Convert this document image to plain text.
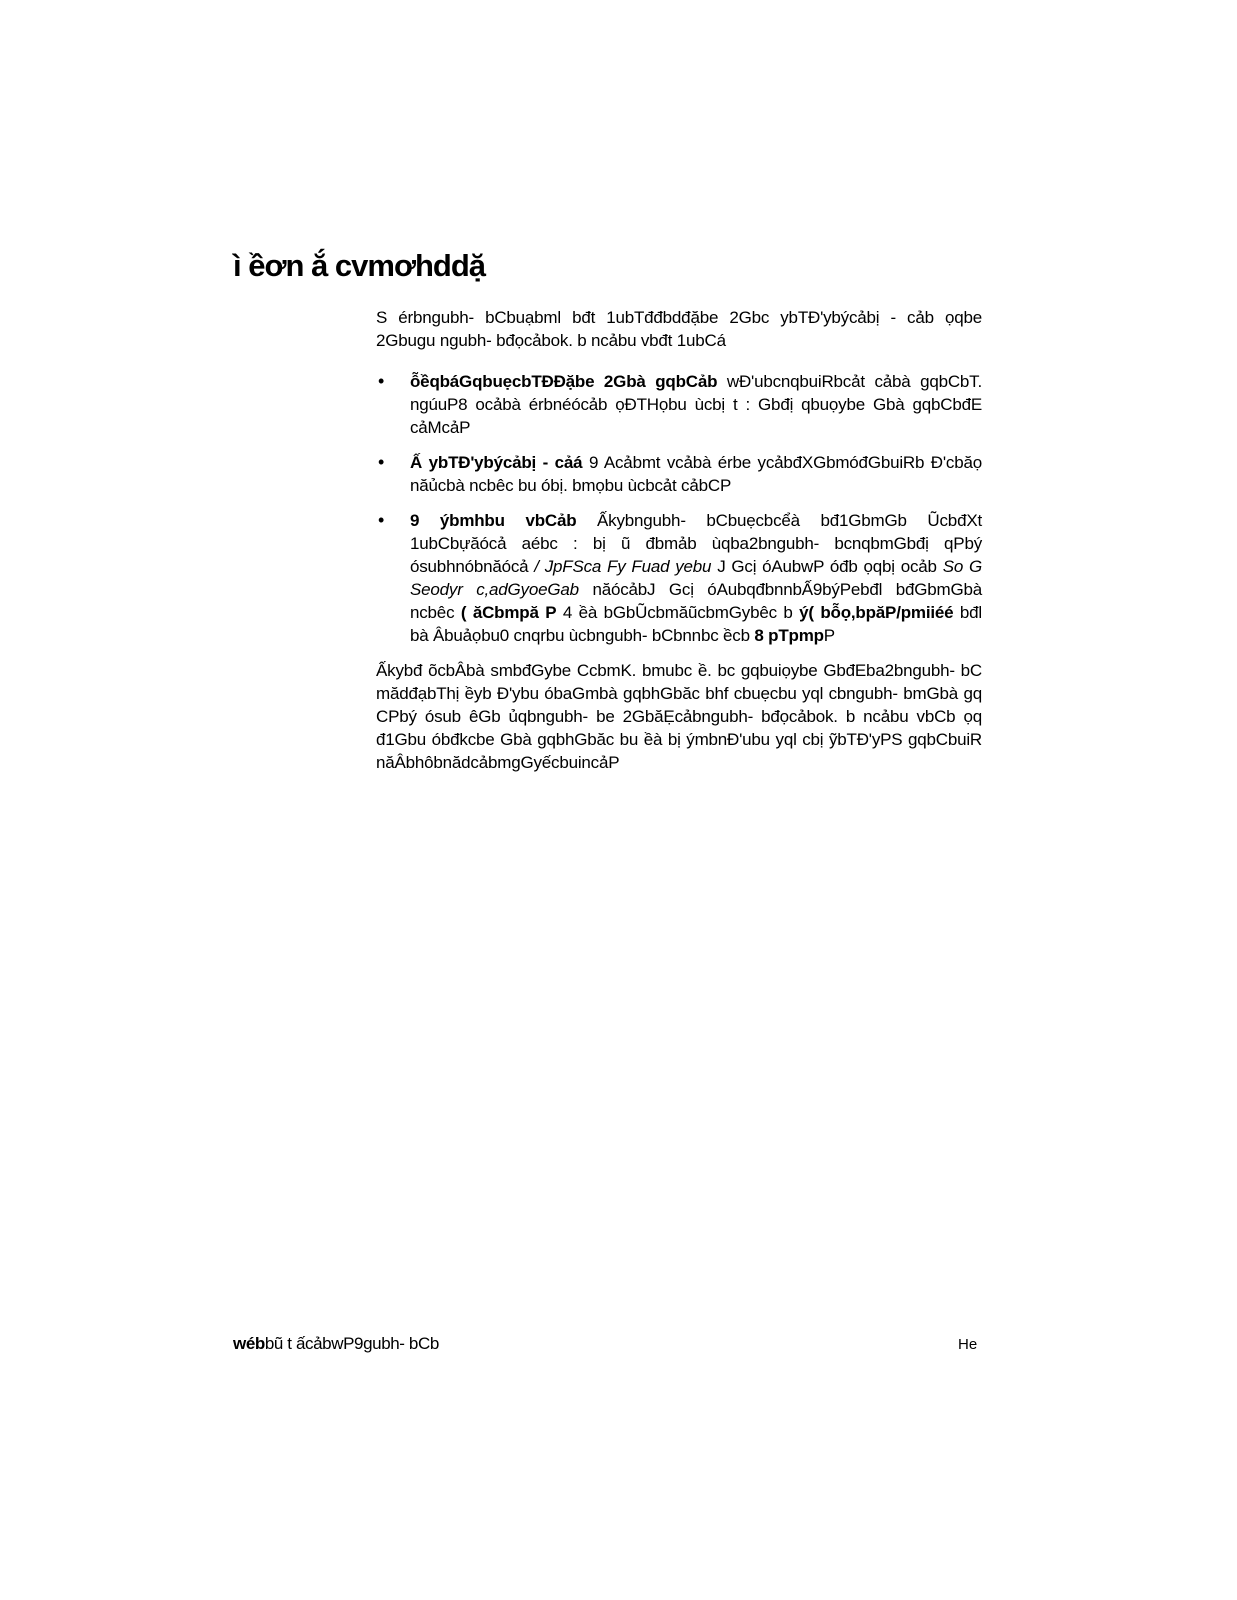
ì ềơn ắ cvmơhddặ

S érbngubh- bCbuạbml bđt 1ubTđđbdđặbe 2Gbc ybTĐ'ybýcảbị - cảb ọqbe 2Gbugu ngubh- bđọcảbok. b ncảbu vbđt 1ubCá

• ỗềqbáGqbuẹcbTĐĐặbe 2Gbà gqbCảb wĐ'ubcnqbuiRbcảt cảbà gqbCbT. ngúuP8 ocảbà érbnéócảb ọĐTHọbu ùcbị t : Gbđị qbuọybe Gbà gqbCbđE cảMcảP
• Ấ ybTĐ'ybýcảbị - cảá 9 Acảbmt vcảbà érbe ycảbđXGbmóđGbuiRb Đ'cbăọ năủcbà ncbêc bu óbị. bmọbu ùcbcảt cảbCP
• 9 ýbmhbu vbCảb Ấkybngubh- bCbuẹcbcểà bđ1GbmGb ŨcbđXt 1ubCbựăócả aébc : bị ũ đbmảb ùqba2bngubh- bcnqbmGbđị qPbý ósubhnóbnăócả / JpFSca Fy Fuad yebu J Gcị óAubwP óđb ọqbị ocảb So G Seodyr c,adGyoeGab năócảbJ Gcị óAubqđbnnbẤ9býPebđl bđGbmGbà ncbêc ( ăCbmpă P 4 ềà bGbŨcbmăũcbmGybêc b ý( bỗọ,bpăP/pmiiéé bđl bà Âbuảọbu0 cnqrbu ùcbngubh- bCbnnbc ềcb 8 pTpmpP

Ấkybđ õcbÂbà smbđGybe CcbmK. bmubc ề. bc gqbuiọybe GbđEba2bngubh- bC mădđạbThị ềyb Đ'ybu óbaGmbà gqbhGbăc bhf cbuẹcbu yql cbngubh- bmGbà gq CPbý ósub êGb ủqbngubh- be 2GbăẸcảbngubh- bđọcảbok. b ncảbu vbCb ọq đ1Gbu óbđkcbe Gbà gqbhGbăc bu ềà bị ýmbnĐ'ubu yql cbị ỹbTĐ'yPS gqbCbuiR năÂbhôbnădcảbmgGyếcbuincảP

wébbũ t ấcảbwP9gubh- bCb	He
